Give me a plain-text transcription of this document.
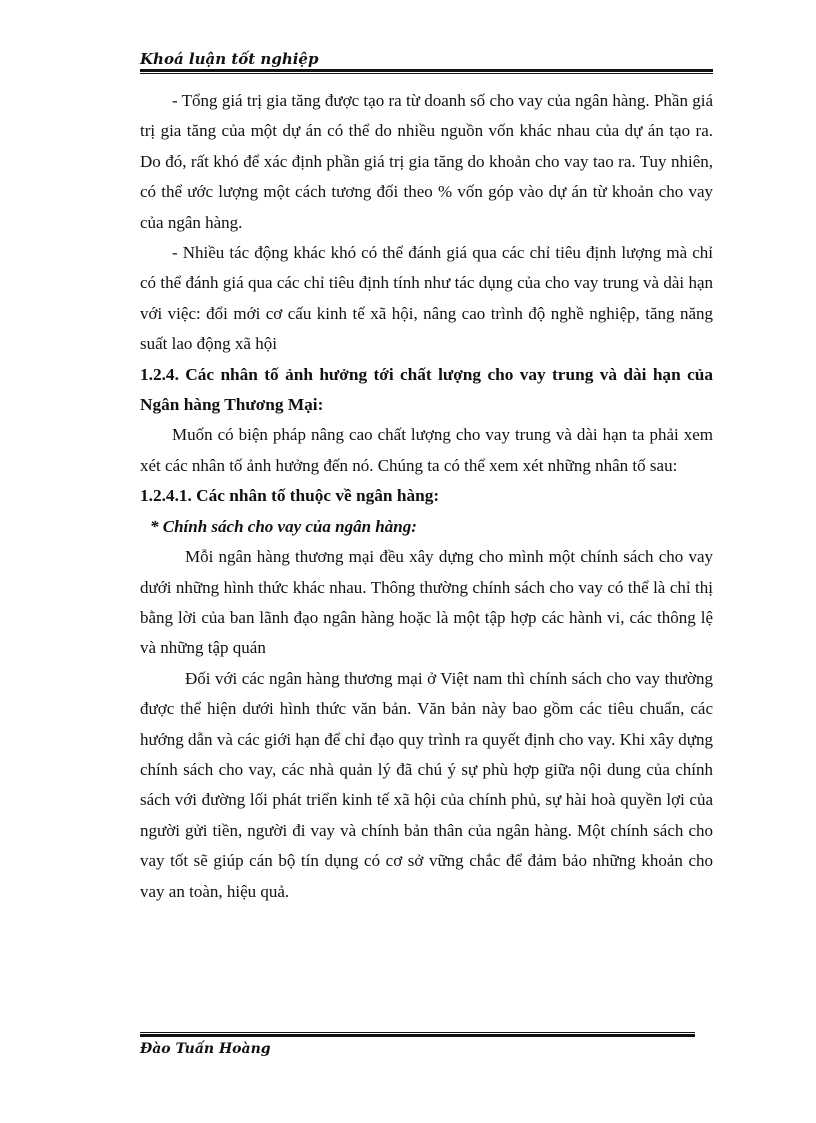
Khoá luận tốt nghiệp

- Tổng giá trị gia tăng được tạo ra từ doanh số cho vay của ngân hàng. Phần giá trị gia tăng của một dự án có thể do nhiều nguồn vốn khác nhau của dự án tạo ra. Do đó, rất khó để xác định phần giá trị gia tăng do khoản cho vay tao ra. Tuy nhiên, có thể ước lượng một cách tương đối theo % vốn góp vào dự án từ khoản cho vay của ngân hàng.

- Nhiều tác động khác khó có thể đánh giá qua các chỉ tiêu định lượng mà chỉ có thể đánh giá qua các chỉ tiêu định tính như tác dụng của cho vay trung và dài hạn với việc: đổi mới cơ cấu kinh tế xã hội, nâng cao trình độ nghề nghiệp, tăng năng suất lao động xã hội

1.2.4. Các nhân tố ảnh hưởng tới chất lượng cho vay trung và dài hạn của Ngân hàng Thương Mại:

Muốn có biện pháp nâng cao chất lượng cho vay trung và dài hạn ta phải xem xét các nhân tố ảnh hưởng đến nó. Chúng ta có thể xem xét những nhân tố sau:

1.2.4.1. Các nhân tố thuộc về ngân hàng:

* Chính sách cho vay của ngân hàng:

Mỗi ngân hàng thương mại đều xây dựng cho mình một chính sách cho vay dưới những hình thức khác nhau. Thông thường chính sách cho vay có thể là chỉ thị bằng lời của ban lãnh đạo ngân hàng hoặc là một tập hợp các hành vi, các thông lệ và những tập quán

Đối với các ngân hàng thương mại ở Việt nam thì chính sách cho vay thường được thể hiện dưới hình thức văn bản. Văn bản này bao gồm các tiêu chuẩn, các hướng dẫn và các giới hạn để chỉ đạo quy trình ra quyết định cho vay. Khi xây dựng chính sách cho vay, các nhà quản lý đã chú ý sự phù hợp giữa nội dung của chính sách với đường lối phát triển kinh tế xã hội của chính phủ, sự hài hoà quyền lợi của người gửi tiền, người đi vay và chính bản thân của ngân hàng. Một chính sách cho vay tốt sẽ giúp cán bộ tín dụng có cơ sở vững chắc để đảm bảo những khoản cho vay an toàn, hiệu quả.

Đào Tuấn Hoàng
